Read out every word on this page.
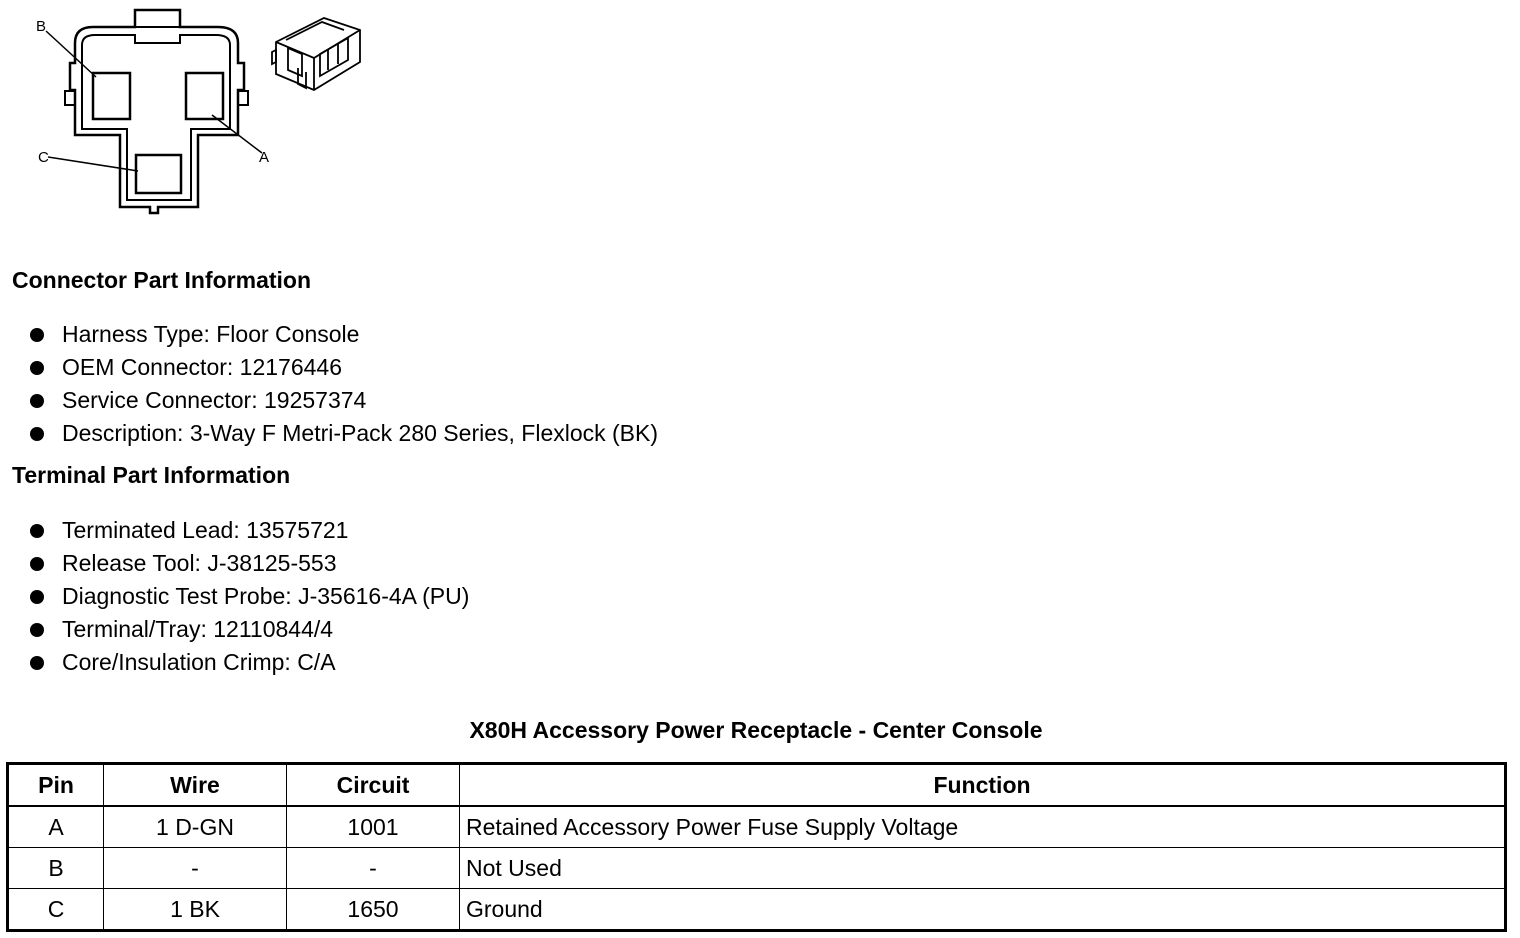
B
A
C
Connector Part Information
Harness Type: Floor Console
OEM Connector: 12176446
Service Connector: 19257374
Description: 3-Way F Metri-Pack 280 Series, Flexlock (BK)
Terminal Part Information
Terminated Lead: 13575721
Release Tool: J-38125-553
Diagnostic Test Probe: J-35616-4A (PU)
Terminal/Tray: 12110844/4
Core/Insulation Crimp: C/A
X80H Accessory Power Receptacle - Center Console
Pin	Wire	Circuit	Function
A	1 D-GN	1001	Retained Accessory Power Fuse Supply Voltage
B	-	-	Not Used
C	1 BK	1650	Ground
